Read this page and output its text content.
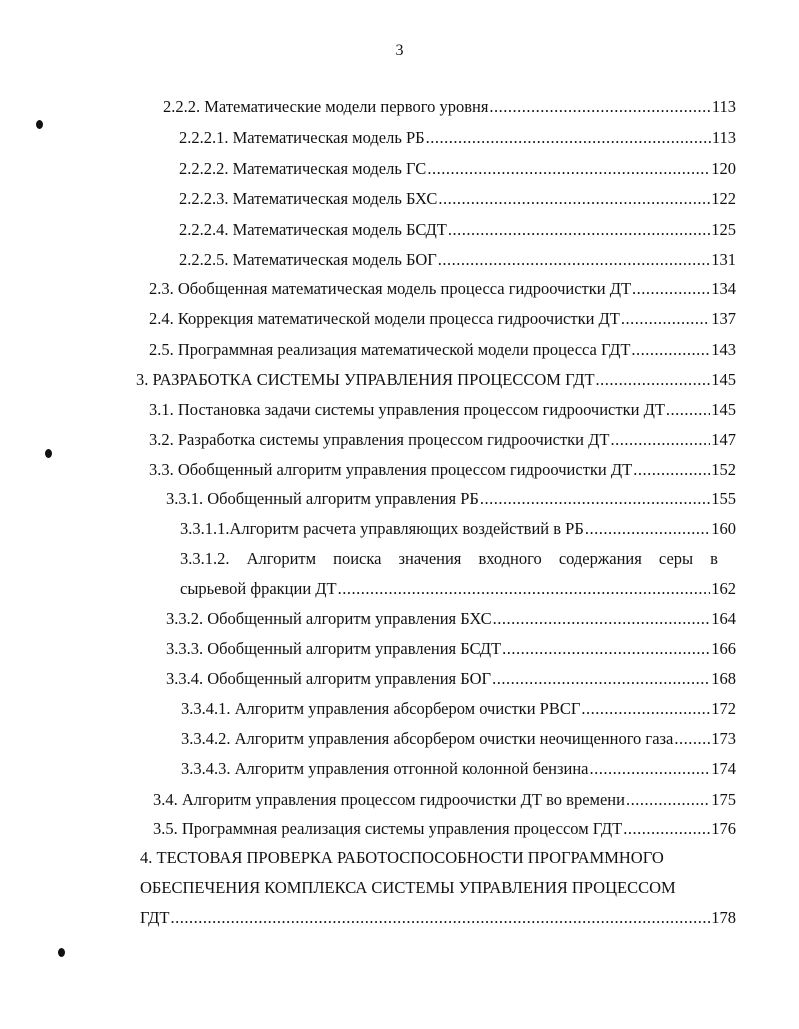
3
2.2.2. Математические модели первого уровня .....	113
2.2.2.1. Математическая модель РБ .....	113
2.2.2.2. Математическая модель ГС .....	120
2.2.2.3. Математическая модель БХС .....	122
2.2.2.4. Математическая модель БСДТ .....	125
2.2.2.5. Математическая модель БОГ .....	131
2.3. Обобщенная математическая модель процесса гидроочистки ДТ .....	134
2.4. Коррекция математической модели процесса гидроочистки ДТ .....	137
2.5. Программная реализация математической модели процесса ГДТ .....	143
3. РАЗРАБОТКА СИСТЕМЫ УПРАВЛЕНИЯ ПРОЦЕССОМ ГДТ .....	145
3.1. Постановка задачи системы управления процессом гидроочистки ДТ .....	145
3.2. Разработка системы управления процессом гидроочистки ДТ .....	147
3.3. Обобщенный алгоритм управления процессом гидроочистки ДТ .....	152
3.3.1. Обобщенный алгоритм управления РБ .....	155
3.3.1.1.Алгоритм расчета управляющих воздействий в РБ .....	160
3.3.1.2. Алгоритм поиска значения входного содержания серы в
сырьевой фракции ДТ .....	162
3.3.2. Обобщенный алгоритм управления БХС .....	164
3.3.3. Обобщенный алгоритм управления БСДТ .....	166
3.3.4. Обобщенный алгоритм управления БОГ .....	168
3.3.4.1. Алгоритм управления абсорбером очистки РВСГ .....	172
3.3.4.2. Алгоритм управления абсорбером очистки неочищенного газа ..... 173
3.3.4.3. Алгоритм управления отгонной колонной бензина .....	174
3.4. Алгоритм управления процессом гидроочистки ДТ во времени .....	175
3.5. Программная реализация системы управления процессом ГДТ .....	176
4. ТЕСТОВАЯ ПРОВЕРКА РАБОТОСПОСОБНОСТИ ПРОГРАММНОГО
ОБЕСПЕЧЕНИЯ КОМПЛЕКСА СИСТЕМЫ УПРАВЛЕНИЯ ПРОЦЕССОМ
ГДТ .....	178
